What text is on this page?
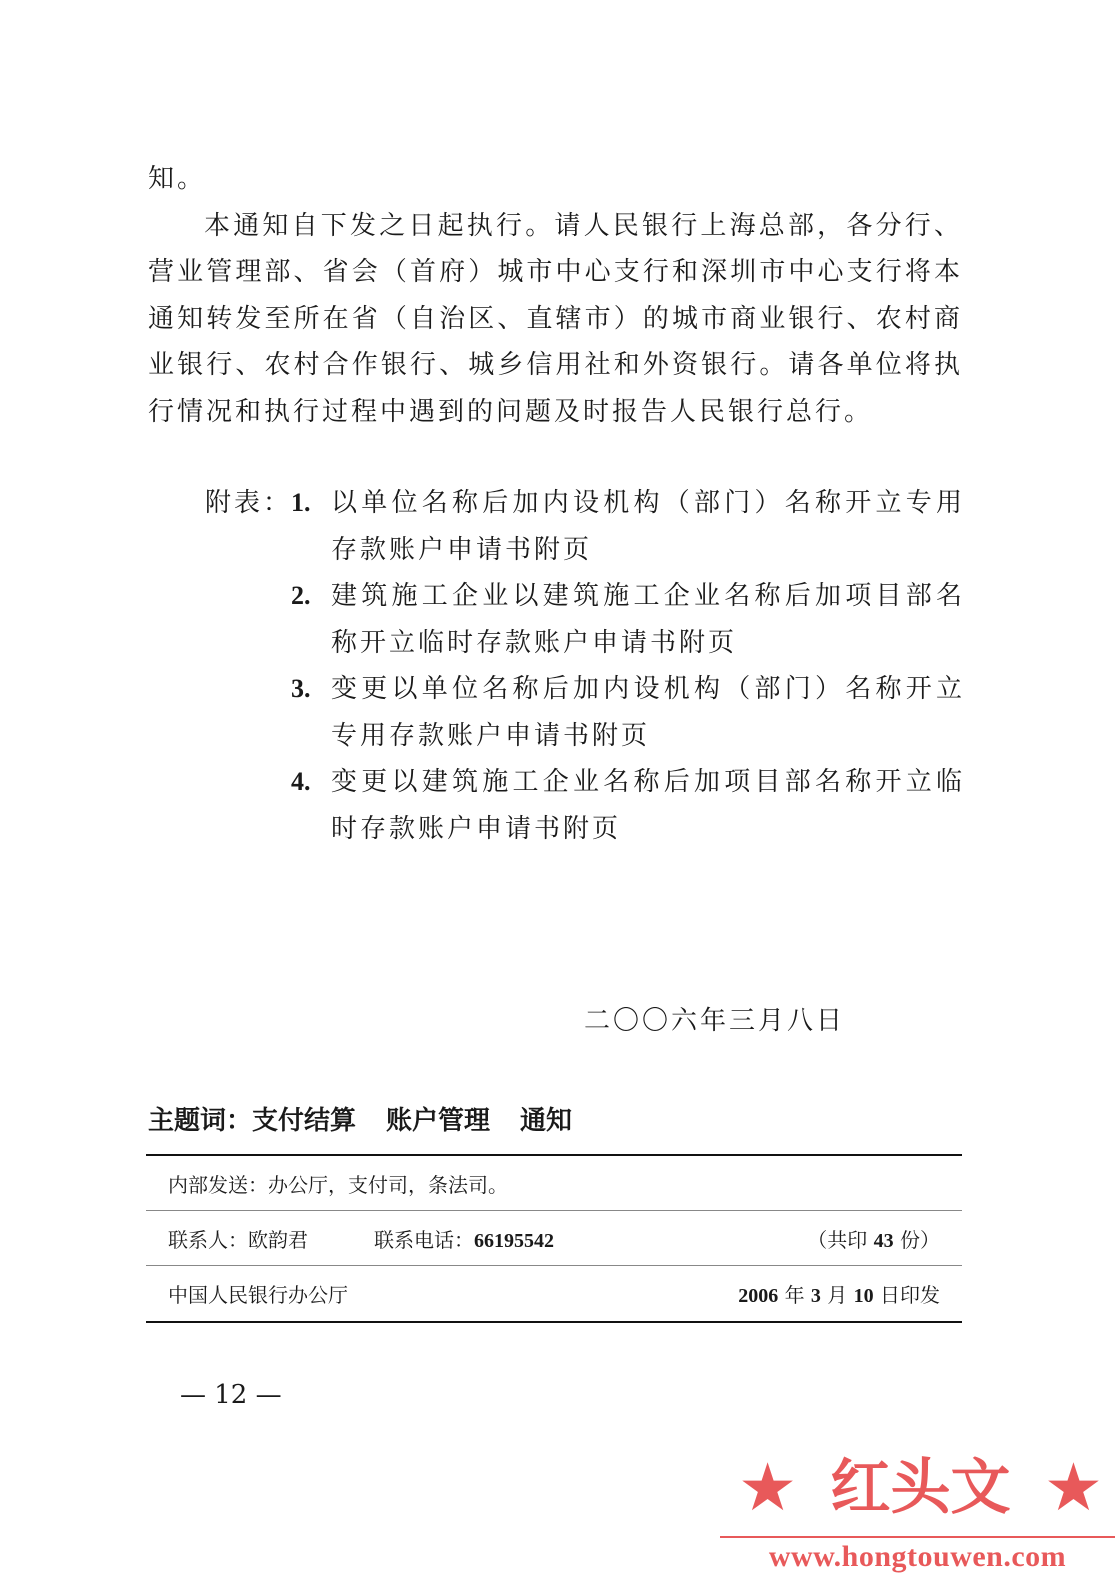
知。

本通知自下发之日起执行。请人民银行上海总部，各分行、营业管理部、省会（首府）城市中心支行和深圳市中心支行将本通知转发至所在省（自治区、直辖市）的城市商业银行、农村商业银行、农村合作银行、城乡信用社和外资银行。请各单位将执行情况和执行过程中遇到的问题及时报告人民银行总行。

附表：
1. 以单位名称后加内设机构（部门）名称开立专用存款账户申请书附页
2. 建筑施工企业以建筑施工企业名称后加项目部名称开立临时存款账户申请书附页
3. 变更以单位名称后加内设机构（部门）名称开立专用存款账户申请书附页
4. 变更以建筑施工企业名称后加项目部名称开立临时存款账户申请书附页
二〇〇六年三月八日
主题词：支付结算 账户管理 通知
内部发送：办公厅，支付司，条法司。
联系人：欧韵君	联系电话：66195542	（共印 43 份）
中国人民银行办公厅	2006 年 3 月 10 日印发
— 12 —
★ 红头文 ★
www.hongtouwen.com
